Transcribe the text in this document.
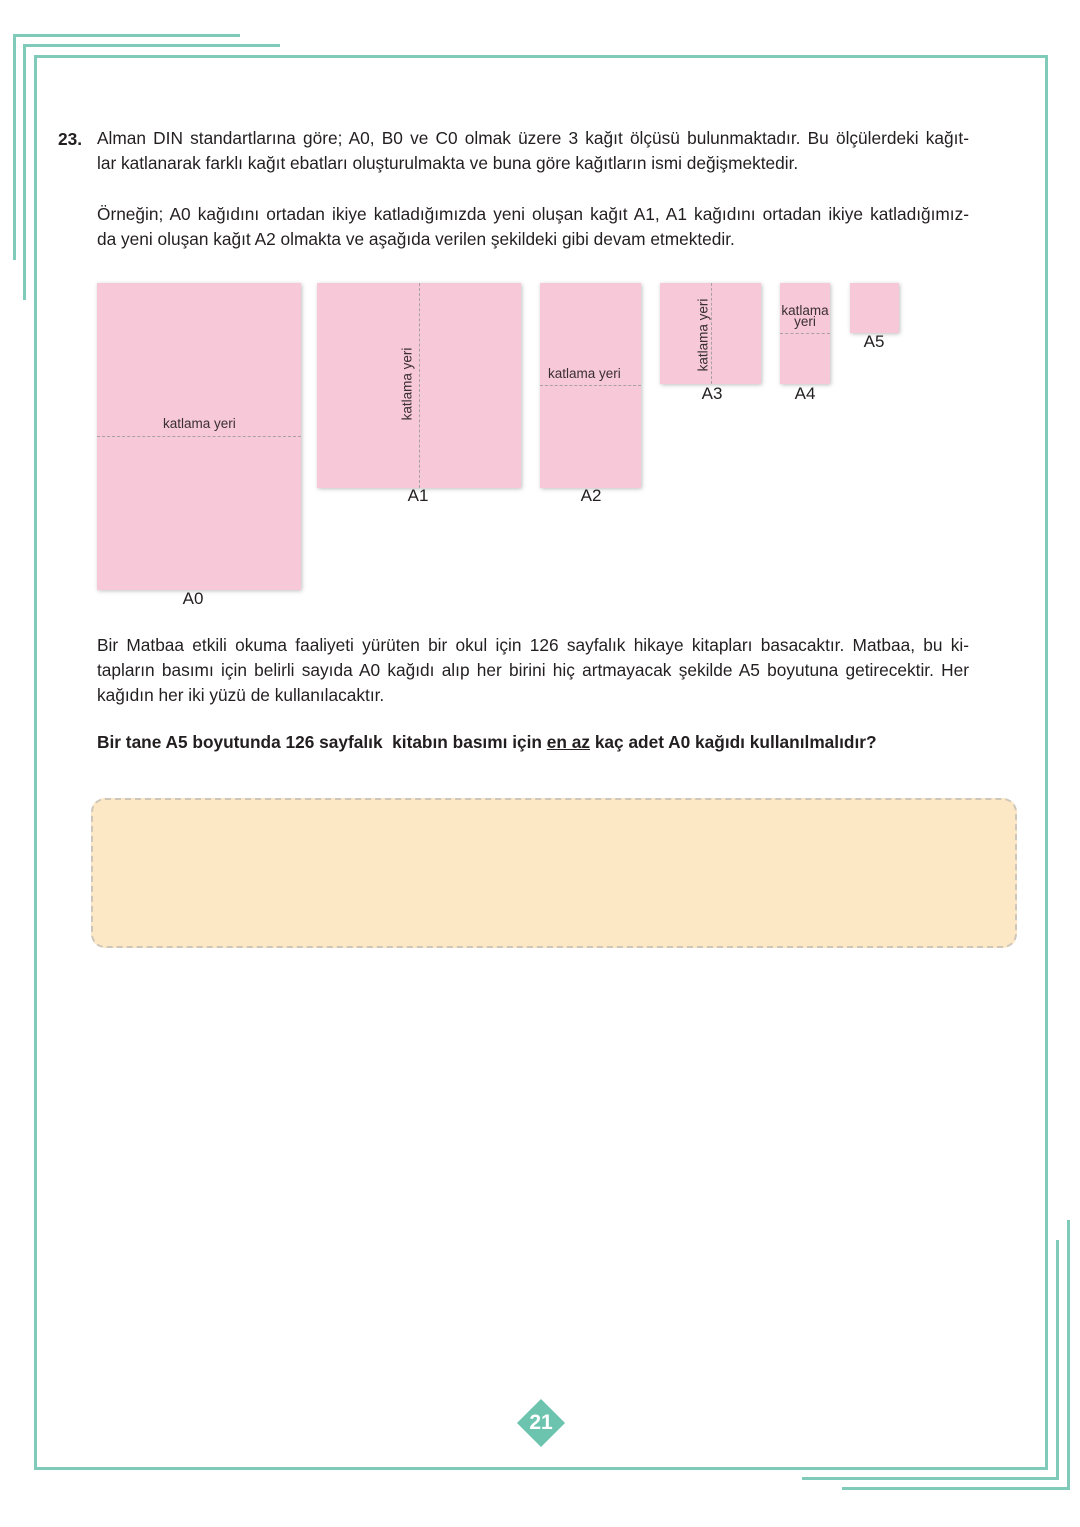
23. Alman DIN standartlarına göre; A0, B0 ve C0 olmak üzere 3 kağıt ölçüsü bulunmaktadır. Bu ölçülerdeki kağıt-
lar katlanarak farklı kağıt ebatları oluşturulmakta ve buna göre kağıtların ismi değişmektedir.
Örneğin; A0 kağıdını ortadan ikiye katladığımızda yeni oluşan kağıt A1, A1 kağıdını ortadan ikiye katladığımız-
da yeni oluşan kağıt A2 olmakta ve aşağıda verilen şekildeki gibi devam etmektedir.
katlama yeri
A0
katlama yeri
A1
katlama yeri
A2
katlama yeri
A3
katlama
yeri
A4
A5
Bir Matbaa etkili okuma faaliyeti yürüten bir okul için 126 sayfalık hikaye kitapları basacaktır. Matbaa, bu ki-
tapların basımı için belirli sayıda A0 kağıdı alıp her birini hiç artmayacak şekilde A5 boyutuna getirecektir. Her
kağıdın her iki yüzü de kullanılacaktır.
Bir tane A5 boyutunda 126 sayfalık  kitabın basımı için en az kaç adet A0 kağıdı kullanılmalıdır?
21
